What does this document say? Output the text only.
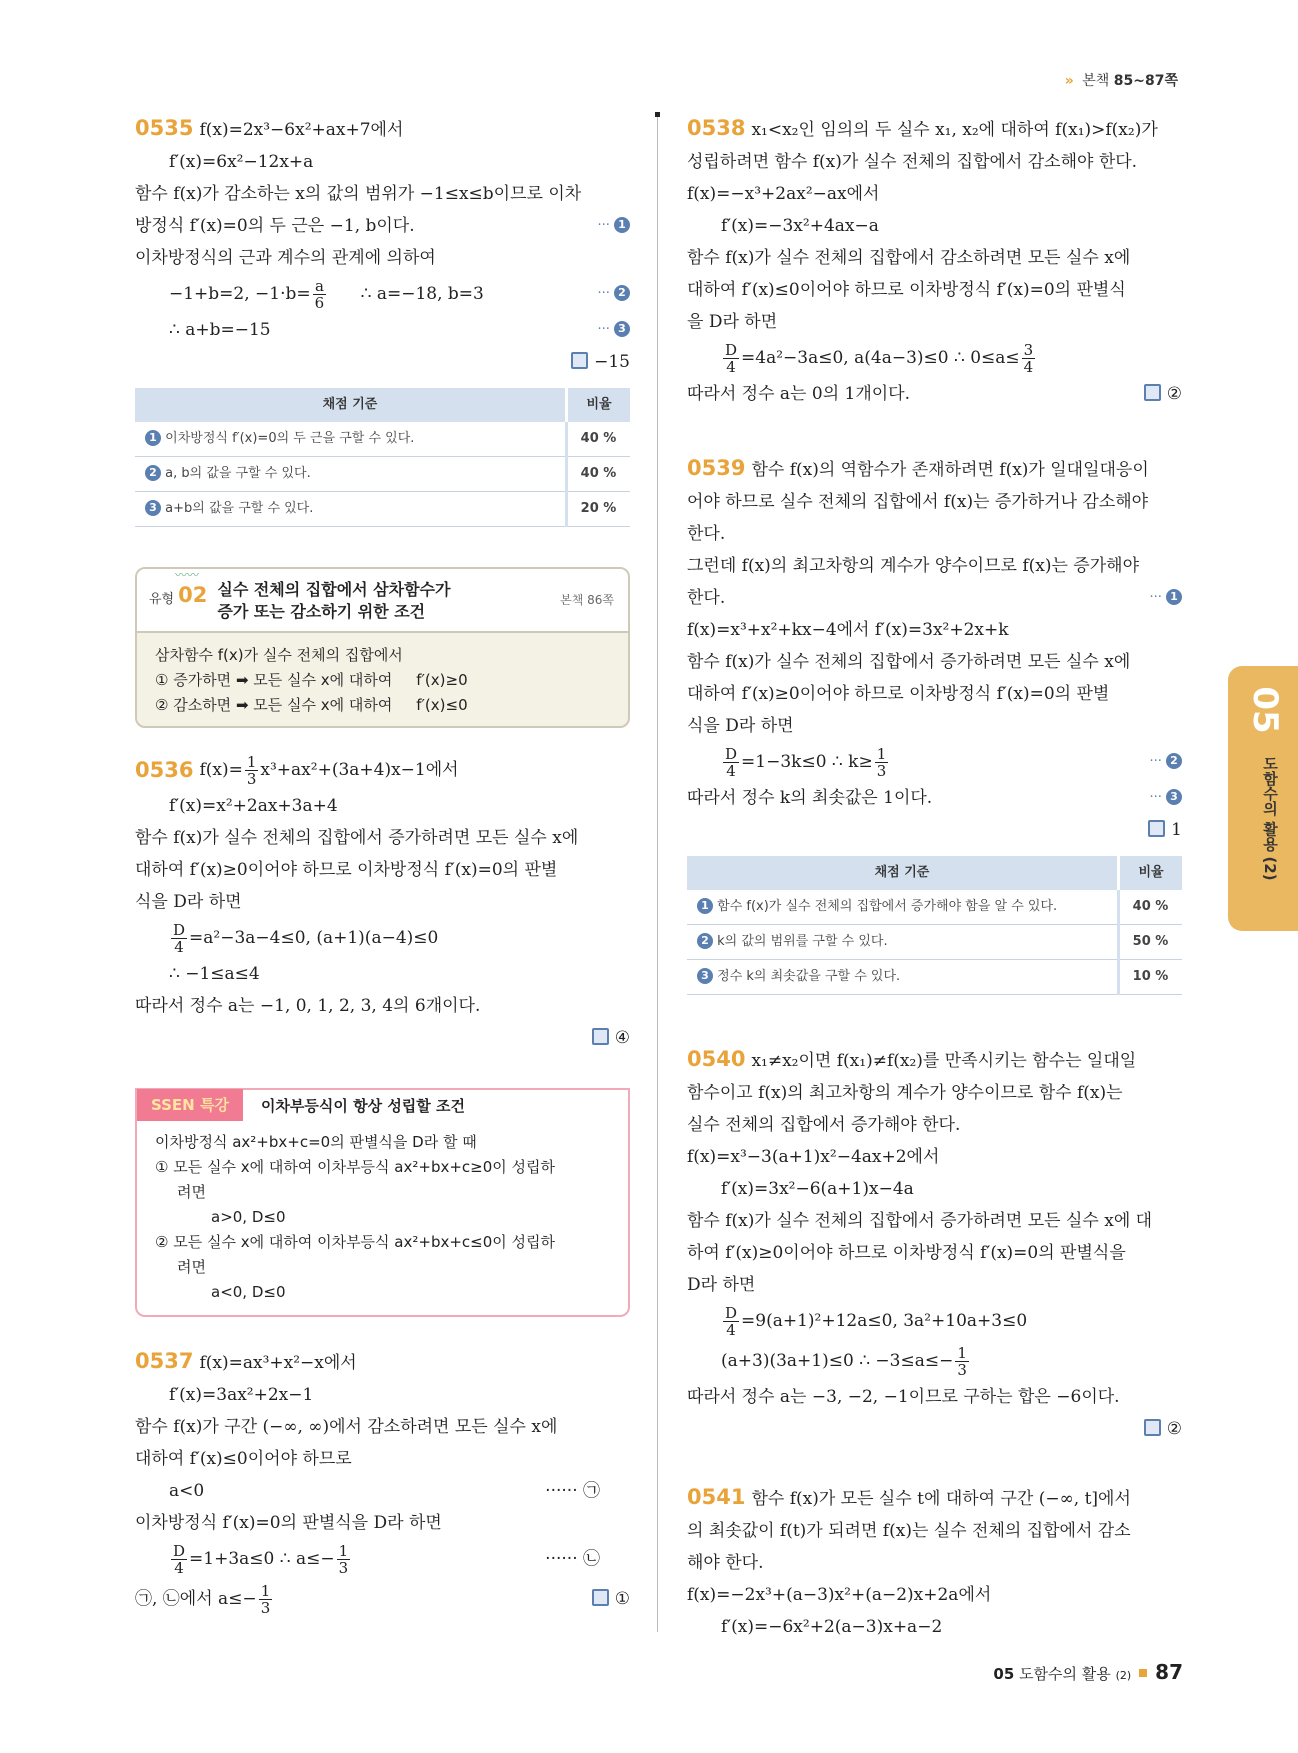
» 본책 85~87쪽
0535 f(x)=2x³−6x²+ax+7에서
f′(x)=6x²−12x+a
함수 f(x)가 감소하는 x의 값의 범위가 −1≤x≤b이므로 이차
방정식 f′(x)=0의 두 근은 −1, b이다.	··· 1
이차방정식의 근과 계수의 관계에 의하여
−1+b=2, $-1\cdot b= \frac{a}{6}$ ∴ a=−18, b=3	··· 2
∴ a+b=−15	··· 3
−15
채점 기준	비율
1 이차방정식 f′(x)=0의 두 근을 구할 수 있다.	40 %
2 a, b의 값을 구할 수 있다.	40 %
3 a+b의 값을 구할 수 있다.	20 %
〰〰
유형 02 실수 전체의 집합에서 삼차함수가
증가 또는 감소하기 위한 조건
본책 86쪽
삼차함수 f(x)가 실수 전체의 집합에서
① 증가하면 ➡ 모든 실수 x에 대하여 f′(x)≥0
② 감소하면 ➡ 모든 실수 x에 대하여 f′(x)≤0
0536 $f(x)= \frac{1}{3} x^3+ax^2+(3a+4)x-1$에서
f′(x)=x²+2ax+3a+4
함수 f(x)가 실수 전체의 집합에서 증가하려면 모든 실수 x에
대하여 f′(x)≥0이어야 하므로 이차방정식 f′(x)=0의 판별
식을 D라 하면
$\frac{D}{4} =a^2-3a-4\le 0$, (a+1)(a−4)≤0
∴ −1≤a≤4
따라서 정수 a는 −1, 0, 1, 2, 3, 4의 6개이다.
④
SSEN 특강	이차부등식이 항상 성립할 조건
이차방정식 ax²+bx+c=0의 판별식을 D라 할 때
① 모든 실수 x에 대하여 이차부등식 ax²+bx+c≥0이 성립하
려면
a>0, D≤0
② 모든 실수 x에 대하여 이차부등식 ax²+bx+c≤0이 성립하
려면
a<0, D≤0
0537 f(x)=ax³+x²−x에서
f′(x)=3ax²+2x−1
함수 f(x)가 구간 (−∞, ∞)에서 감소하려면 모든 실수 x에
대하여 f′(x)≤0이어야 하므로
a<0	······ ㉠
이차방정식 f′(x)=0의 판별식을 D라 하면
$\frac{D}{4} =1+3a\le 0$ ∴ $a\le- \frac{1}{3}$	······ ㉡
㉠, ㉡에서 $a\le- \frac{1}{3}$	①
0538 x₁<x₂인 임의의 두 실수 x₁, x₂에 대하여 f(x₁)>f(x₂)가
성립하려면 함수 f(x)가 실수 전체의 집합에서 감소해야 한다.
f(x)=−x³+2ax²−ax에서
f′(x)=−3x²+4ax−a
함수 f(x)가 실수 전체의 집합에서 감소하려면 모든 실수 x에
대하여 f′(x)≤0이어야 하므로 이차방정식 f′(x)=0의 판별식
을 D라 하면
$\frac{D}{4} =4a^2-3a\le 0$, a(4a−3)≤0 ∴ $0\le a\le \frac{3}{4}$
따라서 정수 a는 0의 1개이다.	②
0539 함수 f(x)의 역함수가 존재하려면 f(x)가 일대일대응이
어야 하므로 실수 전체의 집합에서 f(x)는 증가하거나 감소해야
한다.
그런데 f(x)의 최고차항의 계수가 양수이므로 f(x)는 증가해야
한다.	··· 1
f(x)=x³+x²+kx−4에서 f′(x)=3x²+2x+k
함수 f(x)가 실수 전체의 집합에서 증가하려면 모든 실수 x에
대하여 f′(x)≥0이어야 하므로 이차방정식 f′(x)=0의 판별
식을 D라 하면
$\frac{D}{4} =1-3k\le 0$ ∴ $k\ge \frac{1}{3}$	··· 2
따라서 정수 k의 최솟값은 1이다.	··· 3
1
채점 기준	비율
1 함수 f(x)가 실수 전체의 집합에서 증가해야 함을 알 수 있다.	40 %
2 k의 값의 범위를 구할 수 있다.	50 %
3 정수 k의 최솟값을 구할 수 있다.	10 %
0540 x₁≠x₂이면 f(x₁)≠f(x₂)를 만족시키는 함수는 일대일
함수이고 f(x)의 최고차항의 계수가 양수이므로 함수 f(x)는
실수 전체의 집합에서 증가해야 한다.
f(x)=x³−3(a+1)x²−4ax+2에서
f′(x)=3x²−6(a+1)x−4a
함수 f(x)가 실수 전체의 집합에서 증가하려면 모든 실수 x에 대
하여 f′(x)≥0이어야 하므로 이차방정식 f′(x)=0의 판별식을
D라 하면
$\frac{D}{4} =9(a+1)^2+12a\le 0$, 3a²+10a+3≤0
(a+3)(3a+1)≤0 ∴ $-3\le a\le- \frac{1}{3}$
따라서 정수 a는 −3, −2, −1이므로 구하는 합은 −6이다.
②
0541 함수 f(x)가 모든 실수 t에 대하여 구간 (−∞, t]에서
의 최솟값이 f(t)가 되려면 f(x)는 실수 전체의 집합에서 감소
해야 한다.
f(x)=−2x³+(a−3)x²+(a−2)x+2a에서
f′(x)=−6x²+2(a−3)x+a−2
05
도함수의 활용 (2)
05 도함수의 활용 (2) 87
